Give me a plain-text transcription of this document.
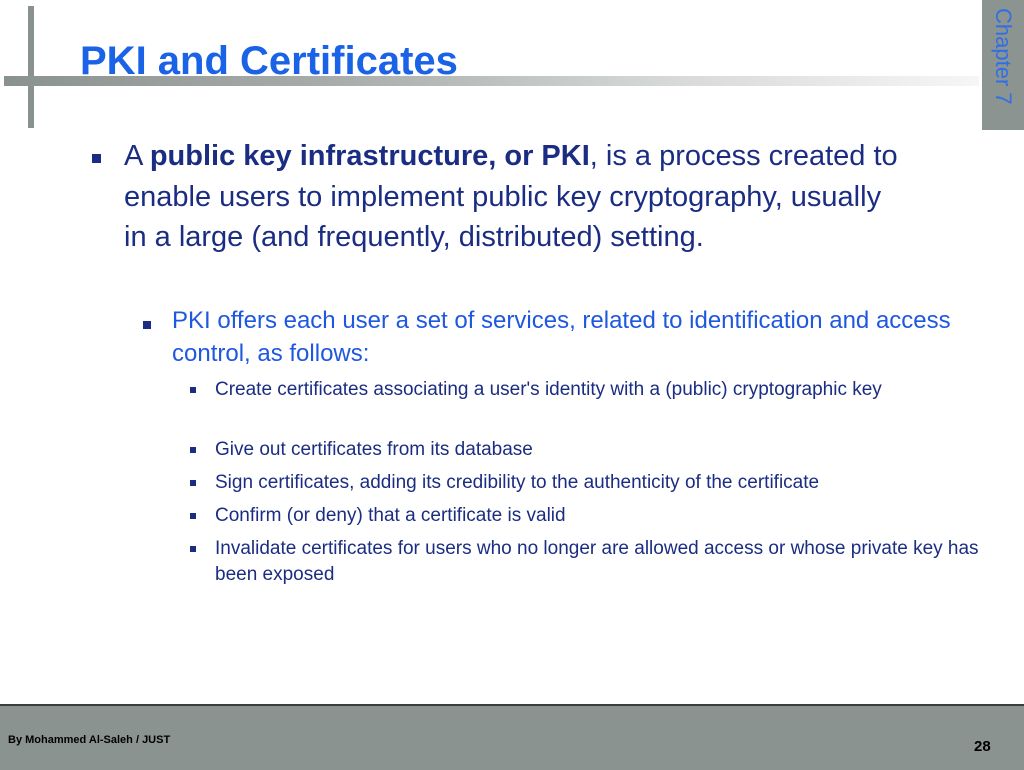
PKI and Certificates	Chapter 7
A public key infrastructure, or PKI, is a process created to enable users to implement public key cryptography, usually in a large (and frequently, distributed) setting.
PKI offers each user a set of services, related to identification and access control, as follows:
Create certificates associating a user's identity with a (public) cryptographic key
Give out certificates from its database
Sign certificates, adding its credibility to the authenticity of the certificate
Confirm (or deny) that a certificate is valid
Invalidate certificates for users who no longer are allowed access or whose private key has been exposed
By Mohammed Al-Saleh / JUST	28
